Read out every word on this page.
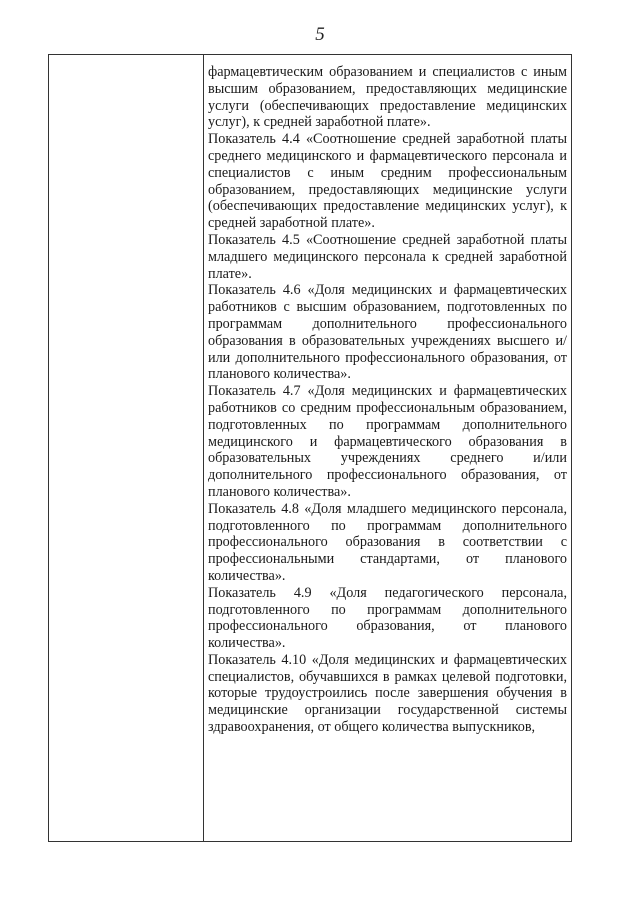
5

фармацевтическим образованием и специалистов с иным высшим образованием, предоставляющих медицинские услуги (обеспечивающих предоставление медицинских услуг), к средней заработной плате».

Показатель 4.4 «Соотношение средней заработной платы среднего медицинского и фармацевтического персонала и специалистов с иным средним профессиональным образованием, предоставляющих медицинские услуги (обеспечивающих предоставление медицинских услуг), к средней заработной плате».

Показатель 4.5 «Соотношение средней заработной платы младшего медицинского персонала к средней заработной плате».

Показатель 4.6 «Доля медицинских и фармацевтических работников с высшим образованием, подготовленных по программам дополнительного профессионального образования в образовательных учреждениях высшего и/или дополнительного профессионального образования, от планового количества».

Показатель 4.7 «Доля медицинских и фармацевтических работников со средним профессиональным образованием, подготовленных по программам дополнительного медицинского и фармацевтического образования в образовательных учреждениях среднего и/или дополнительного профессионального образования, от планового количества».

Показатель 4.8 «Доля младшего медицинского персонала, подготовленного по программам дополнительного профессионального образования в соответствии с профессиональными стандартами, от планового количества».

Показатель 4.9 «Доля педагогического персонала, подготовленного по программам дополнительного профессионального образования, от планового количества».

Показатель 4.10 «Доля медицинских и фармацевтических специалистов, обучавшихся в рамках целевой подготовки, которые трудоустроились после завершения обучения в медицинские организации государственной системы здравоохранения, от общего количества выпускников,
